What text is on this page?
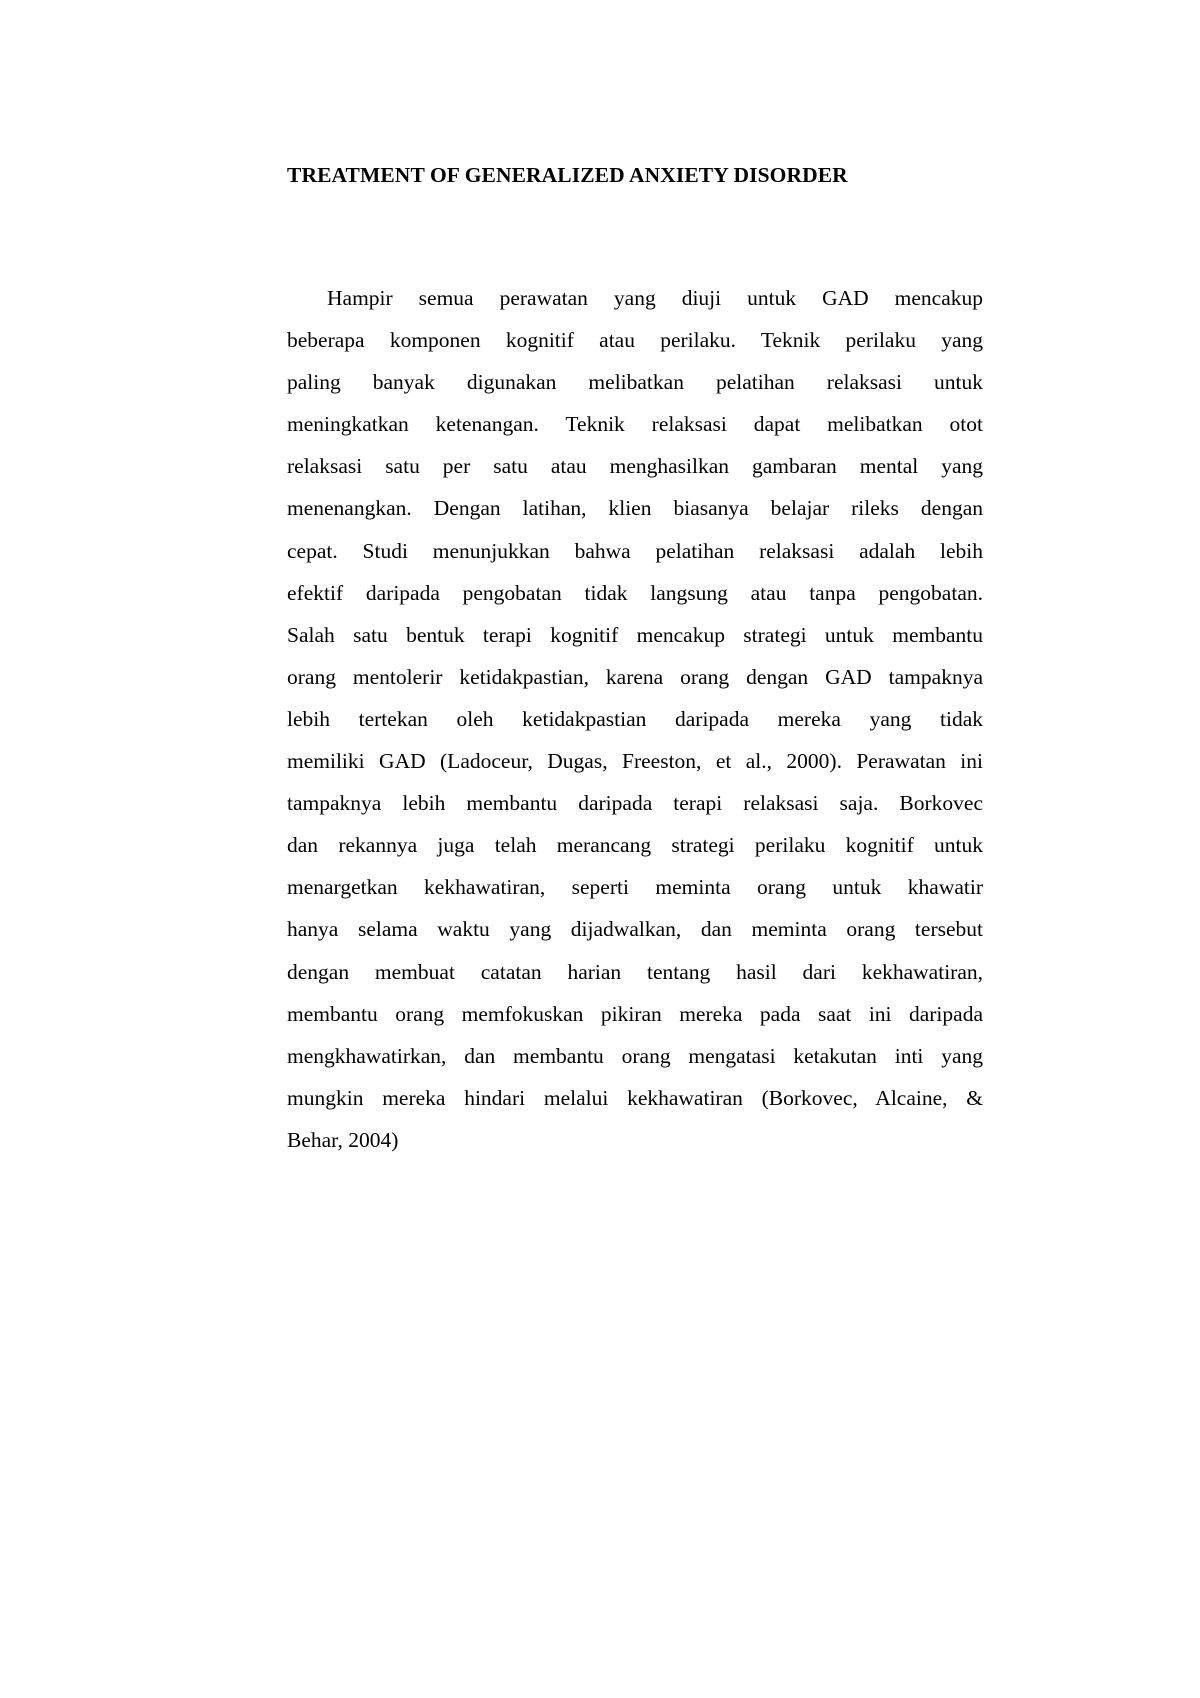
TREATMENT OF GENERALIZED ANXIETY DISORDER
Hampir semua perawatan yang diuji untuk GAD mencakup
beberapa komponen kognitif atau perilaku. Teknik perilaku yang
paling banyak digunakan melibatkan pelatihan relaksasi untuk
meningkatkan ketenangan. Teknik relaksasi dapat melibatkan otot
relaksasi satu per satu atau menghasilkan gambaran mental yang
menenangkan. Dengan latihan, klien biasanya belajar rileks dengan
cepat. Studi menunjukkan bahwa pelatihan relaksasi adalah lebih
efektif daripada pengobatan tidak langsung atau tanpa pengobatan.
Salah satu bentuk terapi kognitif mencakup strategi untuk membantu
orang mentolerir ketidakpastian, karena orang dengan GAD tampaknya
lebih tertekan oleh ketidakpastian daripada mereka yang tidak
memiliki GAD (Ladoceur, Dugas, Freeston, et al., 2000). Perawatan ini
tampaknya lebih membantu daripada terapi relaksasi saja. Borkovec
dan rekannya juga telah merancang strategi perilaku kognitif untuk
menargetkan kekhawatiran, seperti meminta orang untuk khawatir
hanya selama waktu yang dijadwalkan, dan meminta orang tersebut
dengan membuat catatan harian tentang hasil dari kekhawatiran,
membantu orang memfokuskan pikiran mereka pada saat ini daripada
mengkhawatirkan, dan membantu orang mengatasi ketakutan inti yang
mungkin mereka hindari melalui kekhawatiran (Borkovec, Alcaine, &
Behar, 2004)
